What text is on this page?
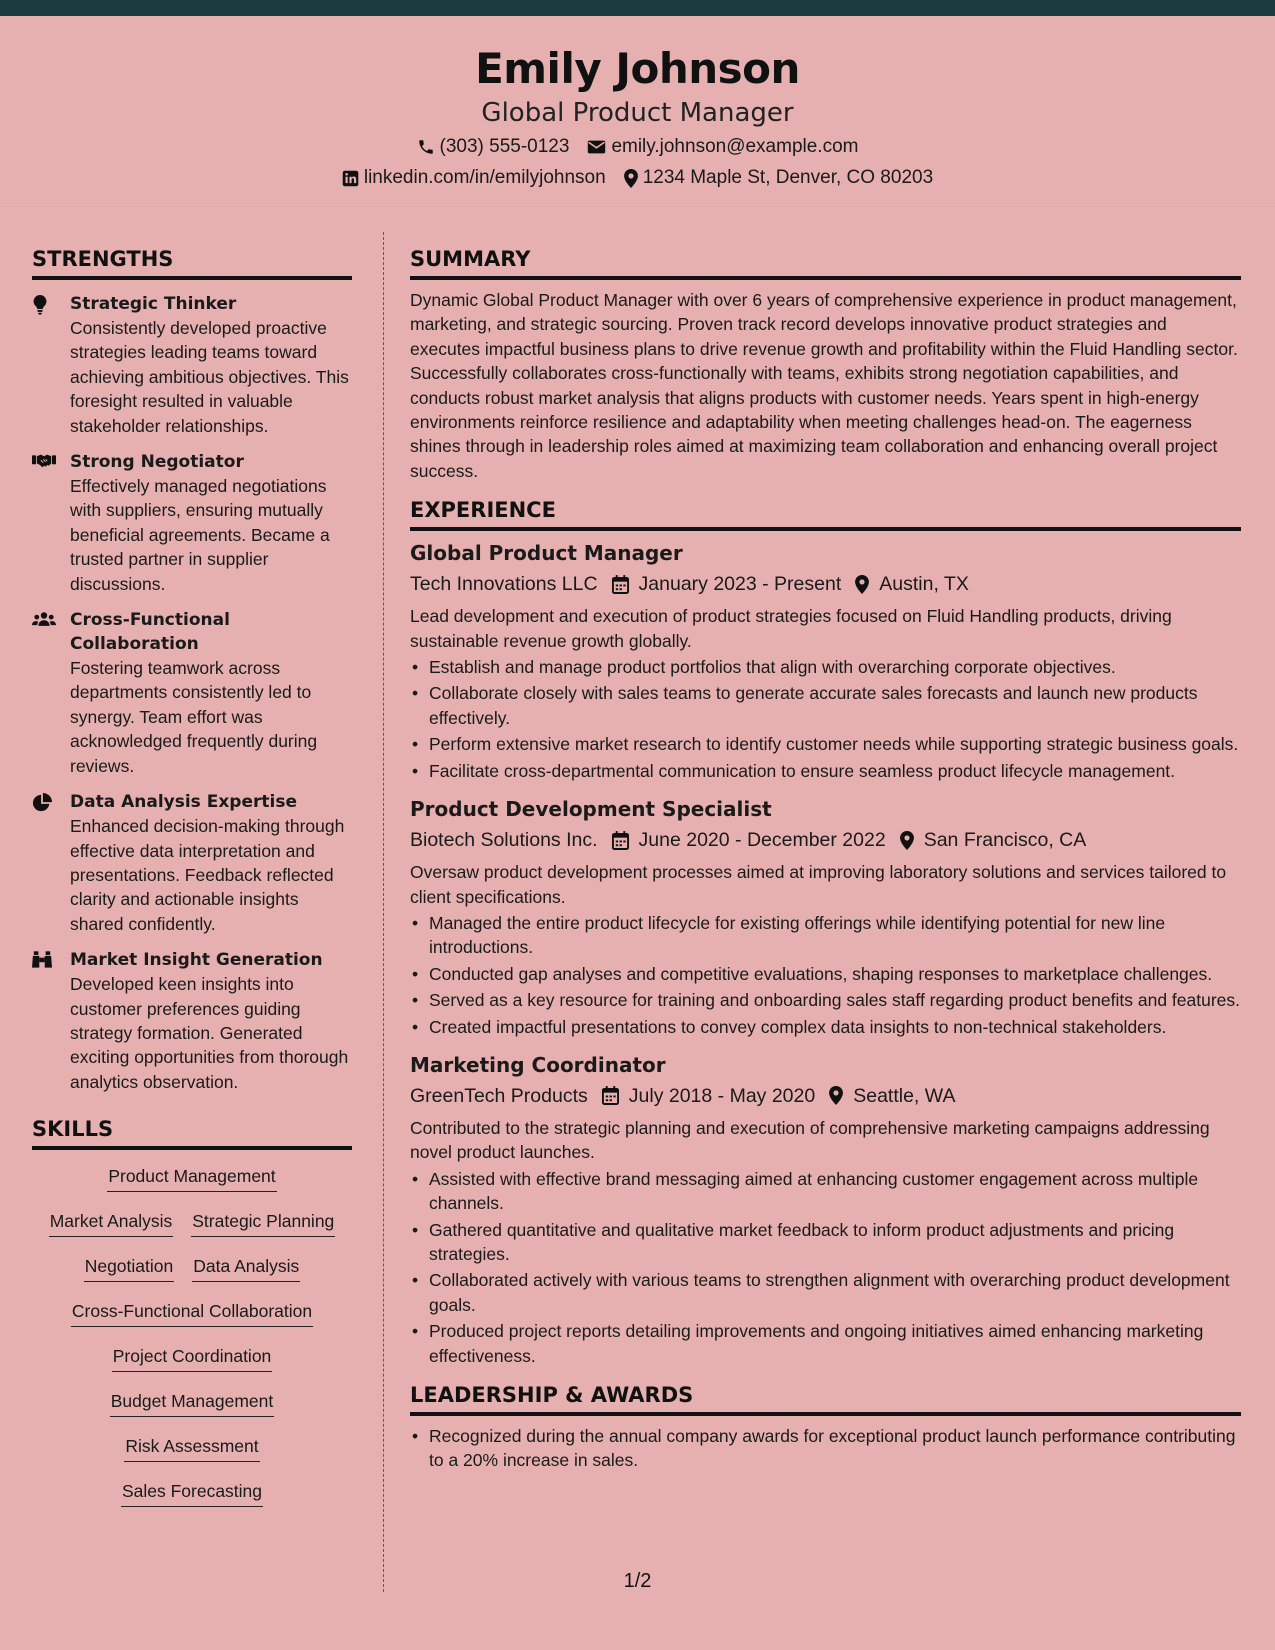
Emily Johnson
Global Product Manager
(303) 555-0123 emily.johnson@example.com
linkedin.com/in/emilyjohnson 1234 Maple St, Denver, CO 80203
STRENGTHS
Strategic Thinker
Consistently developed proactive strategies leading teams toward achieving ambitious objectives. This foresight resulted in valuable stakeholder relationships.
Strong Negotiator
Effectively managed negotiations with suppliers, ensuring mutually beneficial agreements. Became a trusted partner in supplier discussions.
Cross-Functional Collaboration
Fostering teamwork across departments consistently led to synergy. Team effort was acknowledged frequently during reviews.
Data Analysis Expertise
Enhanced decision-making through effective data interpretation and presentations. Feedback reflected clarity and actionable insights shared confidently.
Market Insight Generation
Developed keen insights into customer preferences guiding strategy formation. Generated exciting opportunities from thorough analytics observation.
SKILLS
Product Management
Market Analysis Strategic Planning
Negotiation Data Analysis
Cross-Functional Collaboration
Project Coordination
Budget Management
Risk Assessment
Sales Forecasting
SUMMARY
Dynamic Global Product Manager with over 6 years of comprehensive experience in product management, marketing, and strategic sourcing. Proven track record develops innovative product strategies and executes impactful business plans to drive revenue growth and profitability within the Fluid Handling sector. Successfully collaborates cross-functionally with teams, exhibits strong negotiation capabilities, and conducts robust market analysis that aligns products with customer needs. Years spent in high-energy environments reinforce resilience and adaptability when meeting challenges head-on. The eagerness shines through in leadership roles aimed at maximizing team collaboration and enhancing overall project success.
EXPERIENCE
Global Product Manager
Tech Innovations LLC January 2023 - Present Austin, TX
Lead development and execution of product strategies focused on Fluid Handling products, driving sustainable revenue growth globally.
• Establish and manage product portfolios that align with overarching corporate objectives.
• Collaborate closely with sales teams to generate accurate sales forecasts and launch new products effectively.
• Perform extensive market research to identify customer needs while supporting strategic business goals.
• Facilitate cross-departmental communication to ensure seamless product lifecycle management.
Product Development Specialist
Biotech Solutions Inc. June 2020 - December 2022 San Francisco, CA
Oversaw product development processes aimed at improving laboratory solutions and services tailored to client specifications.
• Managed the entire product lifecycle for existing offerings while identifying potential for new line introductions.
• Conducted gap analyses and competitive evaluations, shaping responses to marketplace challenges.
• Served as a key resource for training and onboarding sales staff regarding product benefits and features.
• Created impactful presentations to convey complex data insights to non-technical stakeholders.
Marketing Coordinator
GreenTech Products July 2018 - May 2020 Seattle, WA
Contributed to the strategic planning and execution of comprehensive marketing campaigns addressing novel product launches.
• Assisted with effective brand messaging aimed at enhancing customer engagement across multiple channels.
• Gathered quantitative and qualitative market feedback to inform product adjustments and pricing strategies.
• Collaborated actively with various teams to strengthen alignment with overarching product development goals.
• Produced project reports detailing improvements and ongoing initiatives aimed enhancing marketing effectiveness.
LEADERSHIP & AWARDS
• Recognized during the annual company awards for exceptional product launch performance contributing to a 20% increase in sales.
1/2
